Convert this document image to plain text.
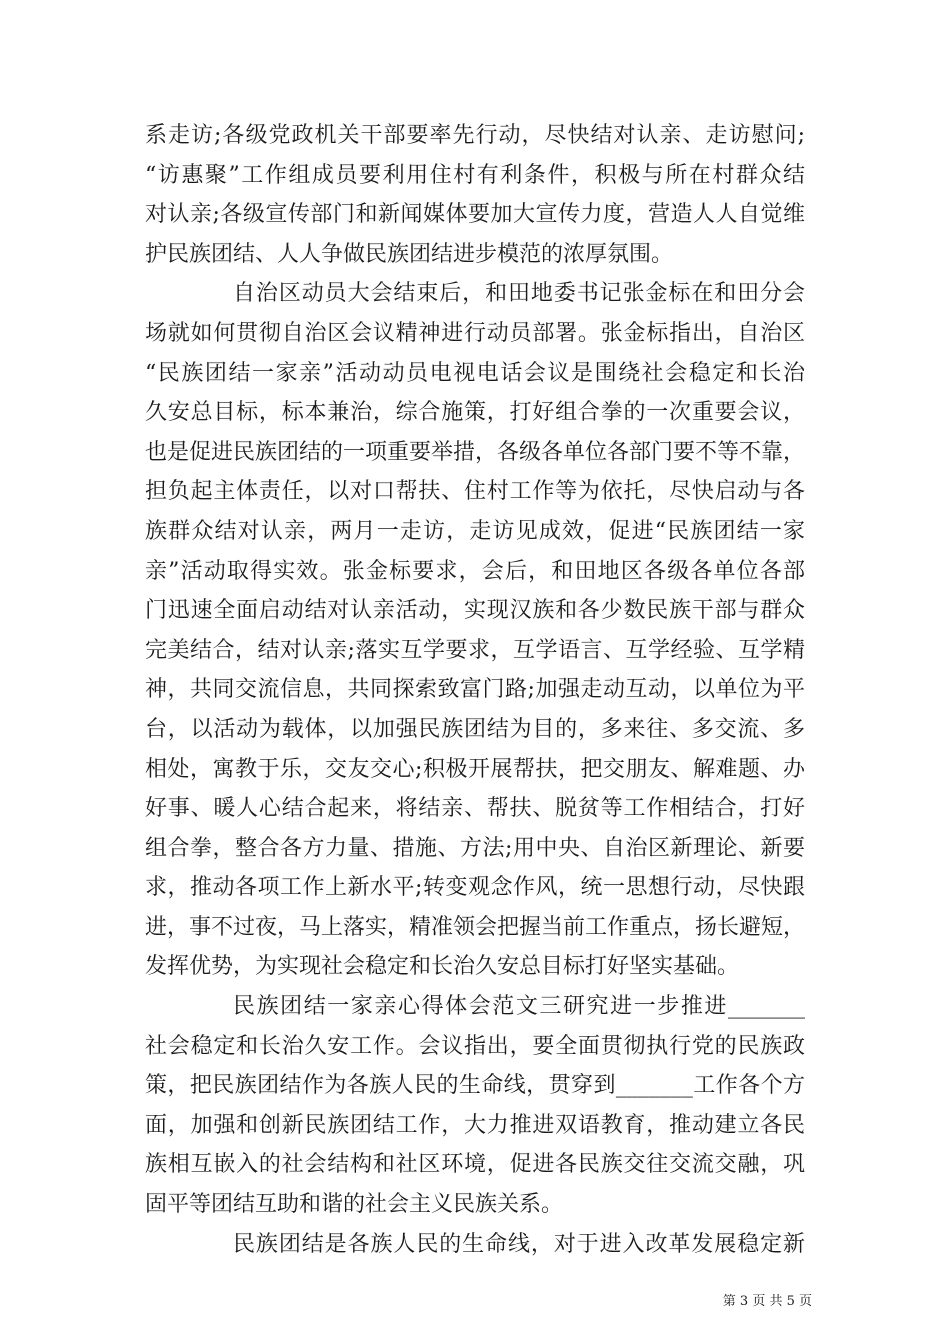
系走访;各级党政机关干部要率先行动，尽快结对认亲、走访慰问;
“访惠聚”工作组成员要利用住村有利条件，积极与所在村群众结
对认亲;各级宣传部门和新闻媒体要加大宣传力度，营造人人自觉维
护民族团结、人人争做民族团结进步模范的浓厚氛围。
自治区动员大会结束后，和田地委书记张金标在和田分会
场就如何贯彻自治区会议精神进行动员部署。张金标指出，自治区
“民族团结一家亲”活动动员电视电话会议是围绕社会稳定和长治
久安总目标，标本兼治，综合施策，打好组合拳的一次重要会议，
也是促进民族团结的一项重要举措，各级各单位各部门要不等不靠，
担负起主体责任，以对口帮扶、住村工作等为依托，尽快启动与各
族群众结对认亲，两月一走访，走访见成效，促进“民族团结一家
亲”活动取得实效。张金标要求，会后，和田地区各级各单位各部
门迅速全面启动结对认亲活动，实现汉族和各少数民族干部与群众
完美结合，结对认亲;落实互学要求，互学语言、互学经验、互学精
神，共同交流信息，共同探索致富门路;加强走动互动，以单位为平
台，以活动为载体，以加强民族团结为目的，多来往、多交流、多
相处，寓教于乐，交友交心;积极开展帮扶，把交朋友、解难题、办
好事、暖人心结合起来，将结亲、帮扶、脱贫等工作相结合，打好
组合拳，整合各方力量、措施、方法;用中央、自治区新理论、新要
求，推动各项工作上新水平;转变观念作风，统一思想行动，尽快跟
进，事不过夜，马上落实，精准领会把握当前工作重点，扬长避短，
发挥优势，为实现社会稳定和长治久安总目标打好坚实基础。
民族团结一家亲心得体会范文三研究进一步推进_______
社会稳定和长治久安工作。会议指出，要全面贯彻执行党的民族政
策，把民族团结作为各族人民的生命线，贯穿到_______工作各个方
面，加强和创新民族团结工作，大力推进双语教育，推动建立各民
族相互嵌入的社会结构和社区环境，促进各民族交往交流交融，巩
固平等团结互助和谐的社会主义民族关系。
民族团结是各族人民的生命线，对于进入改革发展稳定新
第 3 页 共 5 页
